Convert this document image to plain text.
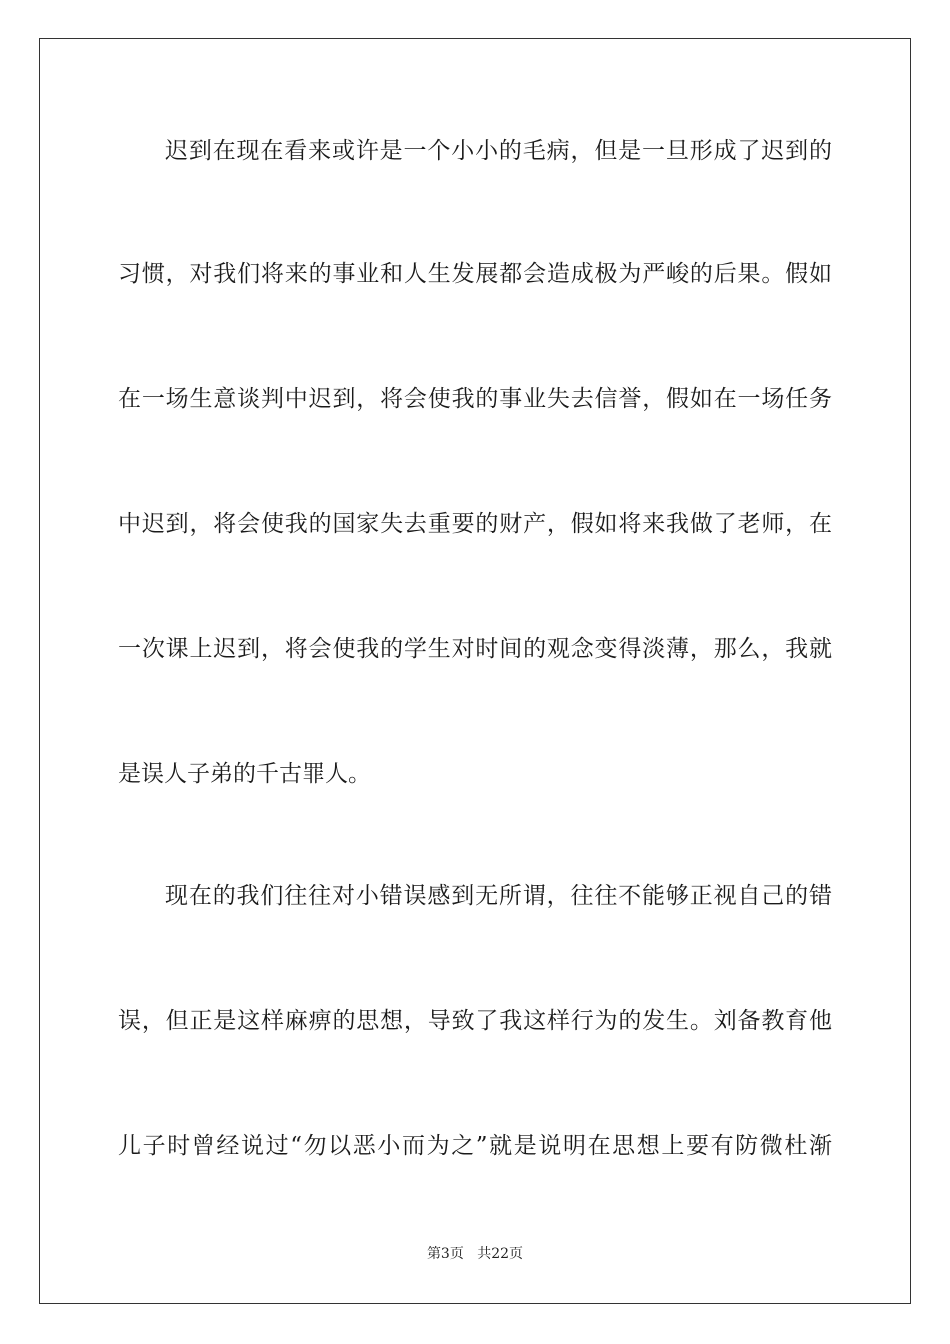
迟到在现在看来或许是一个小小的毛病，但是一旦形成了迟到的
习惯，对我们将来的事业和人生发展都会造成极为严峻的后果。假如
在一场生意谈判中迟到，将会使我的事业失去信誉，假如在一场任务
中迟到，将会使我的国家失去重要的财产，假如将来我做了老师，在
一次课上迟到，将会使我的学生对时间的观念变得淡薄，那么，我就
是误人子弟的千古罪人。
现在的我们往往对小错误感到无所谓，往往不能够正视自己的错
误，但正是这样麻痹的思想，导致了我这样行为的发生。刘备教育他
儿子时曾经说过“勿以恶小而为之”就是说明在思想上要有防微杜渐
第3页 共22页
